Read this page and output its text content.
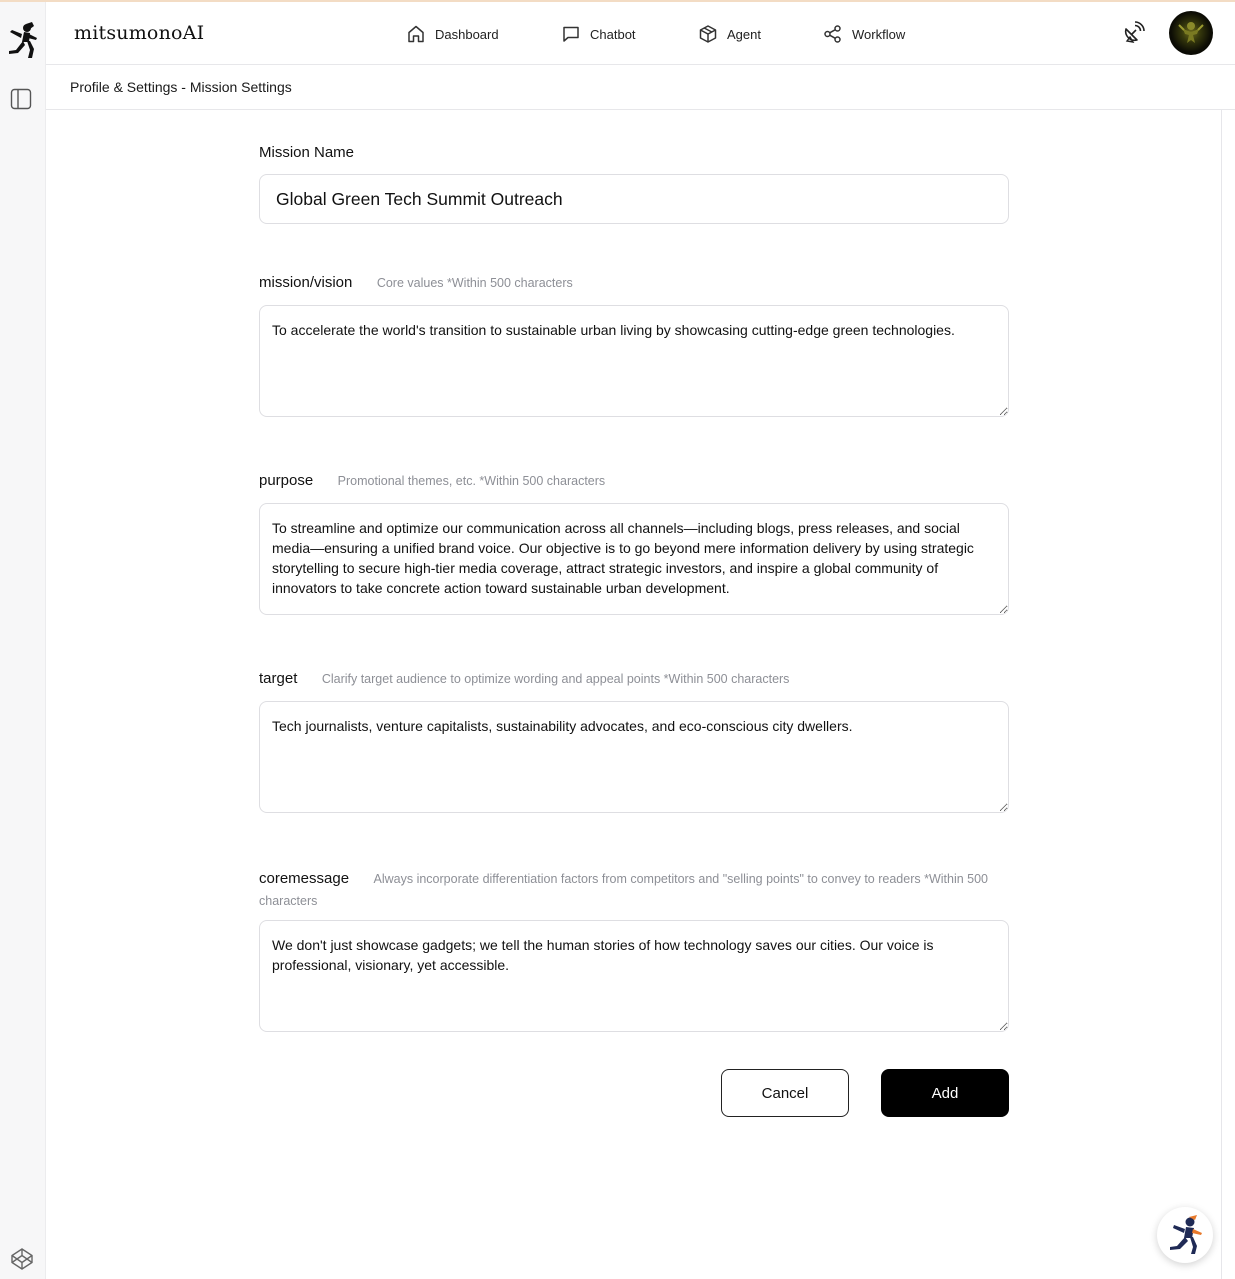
mitsumonoAI	Dashboard	Chatbot	Agent	Workflow
Profile & Settings - Mission Settings
Mission Name
Global Green Tech Summit Outreach
mission/vision Core values *Within 500 characters
To accelerate the world's transition to sustainable urban living by showcasing cutting-edge green technologies.
purpose Promotional themes, etc. *Within 500 characters
To streamline and optimize our communication across all channels—including blogs, press releases, and social media—ensuring a unified brand voice. Our objective is to go beyond mere information delivery by using strategic storytelling to secure high-tier media coverage, attract strategic investors, and inspire a global community of innovators to take concrete action toward sustainable urban development.
target Clarify target audience to optimize wording and appeal points *Within 500 characters
Tech journalists, venture capitalists, sustainability advocates, and eco-conscious city dwellers.
coremessage Always incorporate differentiation factors from competitors and "selling points" to convey to readers *Within 500 characters
We don't just showcase gadgets; we tell the human stories of how technology saves our cities. Our voice is professional, visionary, yet accessible.
Cancel	Add
